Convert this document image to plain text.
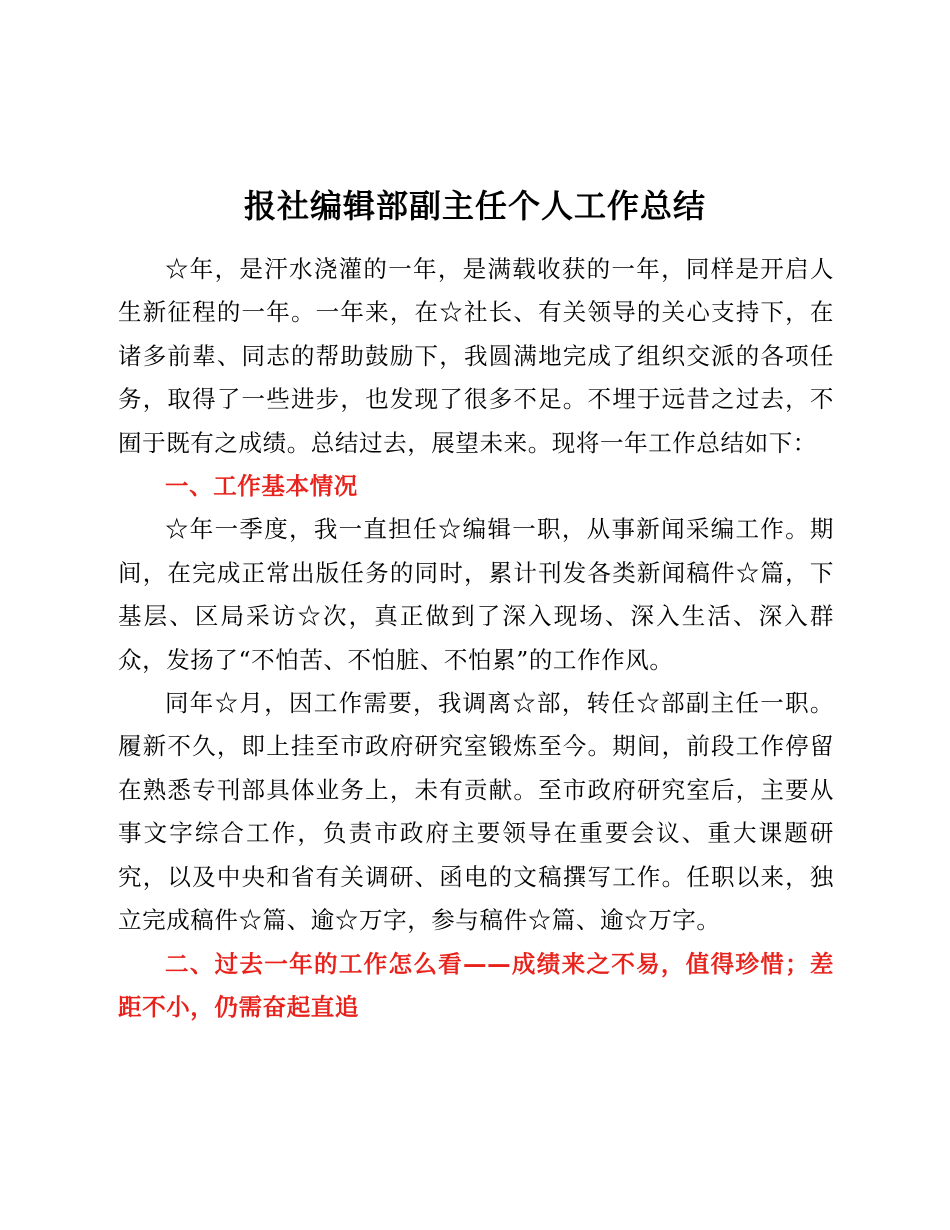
报社编辑部副主任个人工作总结

☆年，是汗水浇灌的一年，是满载收获的一年，同样是开启人生新征程的一年。一年来，在☆社长、有关领导的关心支持下，在诸多前辈、同志的帮助鼓励下，我圆满地完成了组织交派的各项任务，取得了一些进步，也发现了很多不足。不埋于远昔之过去，不囿于既有之成绩。总结过去，展望未来。现将一年工作总结如下：

一、工作基本情况

☆年一季度，我一直担任☆编辑一职，从事新闻采编工作。期间，在完成正常出版任务的同时，累计刊发各类新闻稿件☆篇，下基层、区局采访☆次，真正做到了深入现场、深入生活、深入群众，发扬了“不怕苦、不怕脏、不怕累”的工作作风。

同年☆月，因工作需要，我调离☆部，转任☆部副主任一职。履新不久，即上挂至市政府研究室锻炼至今。期间，前段工作停留在熟悉专刊部具体业务上，未有贡献。至市政府研究室后，主要从事文字综合工作，负责市政府主要领导在重要会议、重大课题研究，以及中央和省有关调研、函电的文稿撰写工作。任职以来，独立完成稿件☆篇、逾☆万字，参与稿件☆篇、逾☆万字。

二、过去一年的工作怎么看——成绩来之不易，值得珍惜；差距不小，仍需奋起直追
